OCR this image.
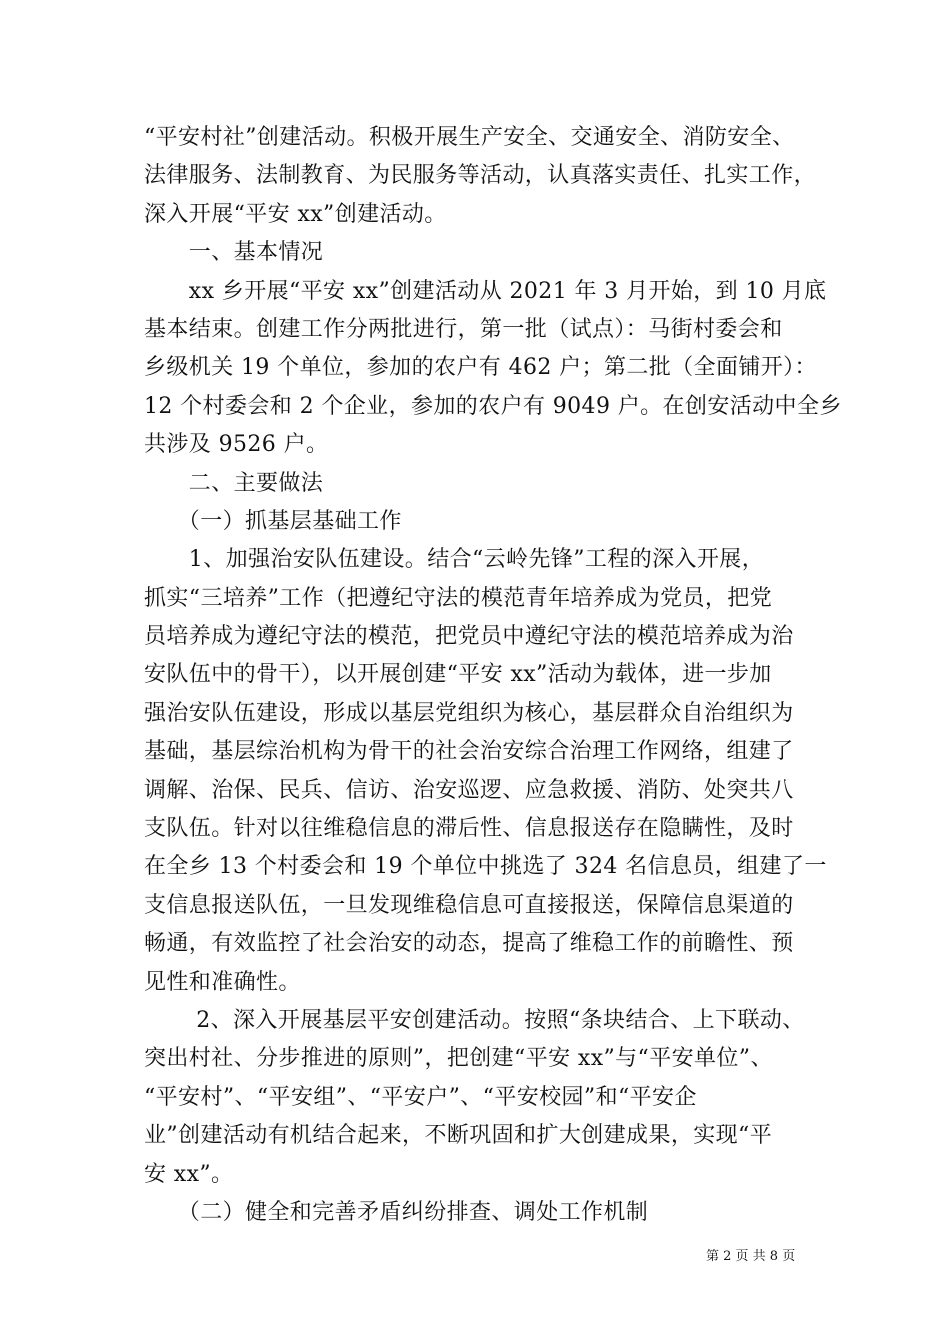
“平安村社”创建活动。积极开展生产安全、交通安全、消防安全、
法律服务、法制教育、为民服务等活动，认真落实责任、扎实工作，
深入开展“平安 xx”创建活动。
　　一、基本情况
　　xx 乡开展“平安 xx”创建活动从 2021 年 3 月开始，到 10 月底
基本结束。创建工作分两批进行，第一批（试点）：马街村委会和
乡级机关 19 个单位，参加的农户有 462 户；第二批（全面铺开）：
12 个村委会和 2 个企业，参加的农户有 9049 户。在创安活动中全乡
共涉及 9526 户。
　　二、主要做法
　　（一）抓基层基础工作
　　1、加强治安队伍建设。结合“云岭先锋”工程的深入开展，
抓实“三培养”工作（把遵纪守法的模范青年培养成为党员，把党
员培养成为遵纪守法的模范，把党员中遵纪守法的模范培养成为治
安队伍中的骨干），以开展创建“平安 xx”活动为载体，进一步加
强治安队伍建设，形成以基层党组织为核心，基层群众自治组织为
基础，基层综治机构为骨干的社会治安综合治理工作网络，组建了
调解、治保、民兵、信访、治安巡逻、应急救援、消防、处突共八
支队伍。针对以往维稳信息的滞后性、信息报送存在隐瞒性，及时
在全乡 13 个村委会和 19 个单位中挑选了 324 名信息员，组建了一
支信息报送队伍，一旦发现维稳信息可直接报送，保障信息渠道的
畅通，有效监控了社会治安的动态，提高了维稳工作的前瞻性、预
见性和准确性。
　　 2、深入开展基层平安创建活动。按照“条块结合、上下联动、
突出村社、分步推进的原则”，把创建“平安 xx”与“平安单位”、
“平安村”、“平安组”、“平安户”、“平安校园”和“平安企
业”创建活动有机结合起来，不断巩固和扩大创建成果，实现“平
安 xx”。
　　（二）健全和完善矛盾纠纷排查、调处工作机制
第 2 页 共 8 页
